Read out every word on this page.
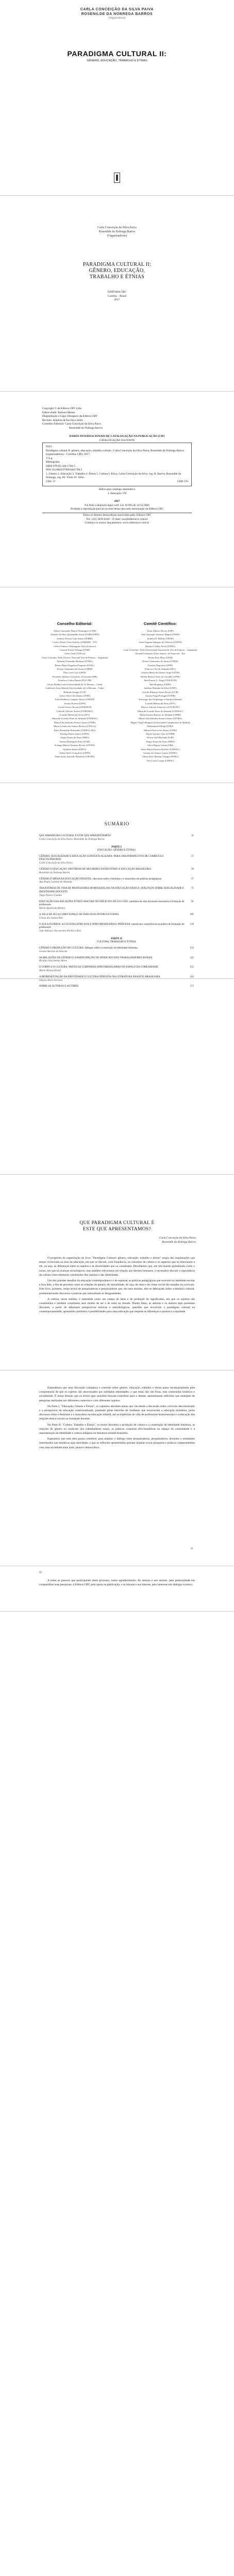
CARLA CONCEIÇÃO DA SILVA PAIVA
ROSENILDE DA NOBREGA BARROS
(Organizadoras)
PARADIGMA CULTURAL II:
GÊNERO, EDUCAÇÃO, TRABALHO E ÉTNIAS
Carla Conceição da Silva Paiva
Rosenilde da Nobrega Barros
(Organizadoras)
PARADIGMA CULTURAL II:
GÊNERO, EDUCAÇÃO,
TRABALHO E ÉTNIAS
EDITORA CRV
Curitiba – Brasil
2017
Copyright © da Editora CRV Ltda.
Editor-chefe: Railson Moura
Diagramação e Capa: Designers da Editora CRV
Revisão: Analista de Escrita e Artes
Conselho Editorial: Carla Conceição da Silva Paiva
Rosenilde da Nobrega Barros
DADOS INTERNACIONAIS DE CATALOGAÇÃO NA PUBLICAÇÃO (CIP)
CATALOGAÇÃO NA FONTE
P222
Paradigma cultural II: gênero, educação, trabalho e étnias / Carla Conceição da Silva Paiva, Rosenilde da Nobrega Barros (organizadoras) – Curitiba: CRV, 2017.
174 p.
Bibliografia
ISBN 978-85-444-1760-5
DOI 10.24824/978854441760.5
1. Gênero 2. Educação 3. Trabalho 4. Étnias 5. Cultura I. Paiva, Carla Conceição da Silva. org. II. Barros, Rosenilde da Nobrega. org. III. Título IV. Série.
CDU 37	CDD 370
Índice para catálogo sistemático
1. Educação 370
2017
Foi feito o depósito legal conf. Lei 10.994 de 14/12/2004
Proibida a reprodução parcial ou total desta obra sem autorização da Editora CRV
Todos os direitos desta edição reservados pela: Editora CRV
Tel.: (41) 3039-6418 – E-mail: sac@editoracrv.com.br
Conheça os nossos lançamentos: www.editoracrv.com.br
Conselho Editorial:
Aldira Guimarães Duarte Domínguez (UNB)
Andréia da Silva Quintanilha Sousa (UNIR/UFRN)
Antônio Pereira Gaio Júnior (UFRRJ)
Carlos Alberto Vilar Estêvão (UMINHO – PT)
Carlos Federico Dominguez Avila (Unieuro)
Carmen Tereza Velanga (UNIR)
Celso Conti (UFSCar)
Cesar Gerónimo Tello (Univer. Nacional Três de Febrero – Argentina)
Eduardo Fernandes Barbosa (UFMG)
Elione Maria Nogueira Diogenes (UFAL)
Elizeu Clementino de Souza (UNEB)
Élsio José Corá (UFFS)
Fernando Antônio Gonçalves Alcoforado (IPB)
Francisco Carlos Duarte (PUC-PR)
Gloria Fariñas León (Universidade de La Havana – Cuba)
Guillermo Arias Beatón (Universidade de La Havana – Cuba)
Helmuth Krüger (UCP)
Jailson Alves dos Santos (UFRJ)
João Adalberto Campato Junior (UNESP)
Josania Portela (UFPI)
Leonel Severo Rocha (UNISINOS)
Lídia de Oliveira Xavier (UNIEURO)
Lourdes Helena da Silva (UFV)
Maria de Lourdes Pinto de Almeida (UNOESC)
Maria Lília Imbiriba Sousa Colares (UNIR)
Maria Cristina dos Santos Bezerra (UFSCar)
Paulo Romualdo Hernandes (UNIFAL-MG)
Rodrigo Pratte-Santos (UFES)
Sérgio Nunes de Jesus (IFRO)
Simone Rodrigues Pinto (UNB)
Solange Helena Ximenes-Rocha (UFOPA)
Sydione Santos (UEPG)
Tadeu Oliver Gonçalves (UFPA)
Tania Suely Azevedo Brasileiro (UFOPA)
Comitê Científico:
Altair Alberto Fávero (UPF)
Ana Chrystina Venancio Mignot (UERJ)
Andréia N. Militão (UEMS)
Anna Augusta Sampaio de Oliveira (UNESP)
Barbara Coelho Neves (UFBA)
Cesar Gerónimo Tello (Universidad Nacional de Três de Febrero – Argentina)
Diosnel Centurion (Univ Americ. de Asunción – Py)
Eliane Rose Maio (UEM)
Elizeu Clementino de Souza (UNEB)
Fauston Negreiros (UFPI)
Francisco Ari de Andrade (UFC)
Gláucia Maria dos Santos Jorge (UFOP)
Helder Buenos Aires de Carvalho (UFPI)
Ilma Passos A. Veiga (UNICEUB)
Inês Bragança (UERJ)
Jadilson Marinho da Silva (UNIT)
José de Ribamar Sousa Pereira (UCB)
Jussara Fraga Portugal (UNEB)
Kilwangy Kya Kapitango-a-Samba (Unemat)
Lourdes Helena da Silva (UFV)
Marcos Vinicius Francisco (UNOESTE)
Maria de Lourdes Pinto de Almeida (UNOESC)
Maria Eurácia Barreto de Andrade (UFRB)
Maria Lília Imbiriba Sousa Colares (UFOPA)
Míguel Ángel Mínguez (Universidad Complutense de Madrid)
Mohammed Elhajji (UFRJ)
Mônica Pereira dos Santos (UFRJ)
Najela Tavares Ujiie (UTFPR)
Nilson José Machado (USP)
Sérgio Nunes de Jesus (IFRO)
Silvia Regina Canan (URI)
Sonia Maria Ferreira Koehler (UNISAL)
Suzana dos Santos Gomes (UFMG)
Vânia Alves Martins Chaigar (FURG)
Vera Lucia Gaspar (UDESC)
SUMÁRIO
QUE PARADIGMA CULTURAL É ESTE QUE APRESENTAMOS?
Carla Conceição da Silva Paiva; Rosenilde da Nobrega Barros
11
PARTE I
EDUCAÇÃO, GÊNERO E ÉTNIAS
GÊNERO, SEXUALIDADE E EDUCAÇÃO CONTEXTUALIZADA: PARA UMA PERSPECTIVA DE CURRÍCULO DESCOLONIZADO
Carla Conceição da Silva Paiva
17
GÊNERO E EDUCAÇÃO: HISTÓRIAS DE MULHERES ESCREVENDO A EDUCAÇÃO BRASILEIRA
Rosenilde da Nobrega Barros
39
GÊNERO E MÍDIA NA EDUCAÇÃO INFANTIL: discursos sobre o feminino e o masculino em práticas pedagógicas
Ana Paula Cardoso de Almeida
57
TRAJETÓRIAS DE VIDA DE PROFESSORES HOMOSSEXUAIS NA EDUCAÇÃO BÁSICA: DIÁLOGOS SOBRE SEXUALIDADE E IDENTIDADE DOCENTE
Tiago Pereira Guedes
75
EDUCAÇÃO DAS RELAÇÕES ÉTNICO-RACIAIS NO INÍCIO DO SÉCULO XXI: caminhos de uma discussão necessária à formação de professores
Maria Aparecida Ribeiro
91
A SALA DE AULA COMO ESPAÇO DE DIÁLOGOS INTERCULTURAIS
Cássia dos Santos Reis
105
O AULA FLORIDA: A CULTURA AFRICANA E AFRO-BRASILEIRA E INDÍGENA: narrativas e experiências na prática de formação de professores
Jane Adriana Vasconcelos Pacheco Rios
119
PARTE II
CULTURA, TRABALHO E ÉTNIAS
GÊNERO E PRODUÇÃO DE CULTURA: diálogos sobre a construção da identidade feminina
Ivonete Barreto de Amorim
133
AS RELAÇÕES DE GÊNERO E A PARTICIPAÇÃO NO SINDICATO DOS TRABALHADORES RURAIS
Ricardo Nascimento Abreu
145
O CORPO E A CULTURA: PRÁTICAS CORPORAIS AFRO-BRASILEIRAS NO ESPAÇO DA COMUNIDADE
Maria Helena Brasil
155
A REPRESENTAÇÃO DA IDENTIDADE E CULTURA INDÍGENA NA LITERATURA INFANTIL BRASILEIRA
Simone Alves Ferreira
163
SOBRE AS AUTORAS E AUTORES	173
QUE PARADIGMA CULTURAL É
ESTE QUE APRESENTAMOS?
Carla Conceição da Silva Paiva
Rosenilde da Nobrega Barros

O propósito da organização do livro "Paradigma Cultural: gênero, educação, trabalho e étnias" surgiu das inquietações que temos vivenciado na área da educação, em que se discute, com frequência, os conceitos de cultura e os aspectos que se relacionam a ele, ou seja, às diferenças entre os sujeitos e às diversidades que os constituem. Percebemos que, em um mundo globalizado como o nosso, em que há avanços tecnológicos, mas também retrocessos em relação aos direitos humanos, é necessário discutir a importância da cultura como elemento constituidor dos sujeitos e das identidades.

Um dos grandes desafios da educação contemporânea é o de repensar as práticas pedagógicas que ocorrem no ambiente escolar e fora dele, a fim de perceber como as relações de gênero, de sexualidade, de raça, de etnia e de classe social são tratadas no currículo. Este livro, portanto, reúne textos de pesquisadoras e pesquisadores que, em seus estudos, têm se debruçado sobre a temática cultural, problematizando discursos e práticas que naturalizam as desigualdades.

A cultura, nesse sentido, é entendida como um campo de lutas e de produção de significados, em que os sujeitos são constituídos e também constituem seus modos de ser e de estar no mundo. Diante disso, as autoras e os autores aqui presentes discutem, a partir de diferentes perspectivas teóricas e metodológicas, questões que envolvem o paradigma cultural na contemporaneidade, apontando caminhos e possibilidades para uma educação que respeite as diferenças e promova a equidade.

Entendemos que uma discussão cuidadosa e coerente sobre gênero, educação, trabalho e étnias passa necessariamente pela compreensão de que os sujeitos são atravessados por múltiplas identidades, e que estas não são fixas, mas construídas histórica e socialmente. É nessa direção que os textos aqui reunidos buscam contribuir para o debate, apresentando reflexões que emergem de pesquisas realizadas em diferentes contextos e com diferentes sujeitos.

Na Parte I, "Educação, Gênero e Étnias", os capítulos abordam temas que vão desde a discussão sobre currículo descolonizado e a perspectiva da educação contextualizada, passando pelas histórias de mulheres que escreveram a educação brasileira, pelos discursos sobre o feminino e o masculino na educação infantil, até as trajetórias de vida de professores homossexuais e a educação das relações étnico-raciais na formação docente.

Na Parte II, "Cultura, Trabalho e Étnias", os textos discutem a produção de cultura e a construção da identidade feminina, as relações de gênero no sindicato dos trabalhadores rurais, as práticas corporais afro-brasileiras no espaço da comunidade e a representação da identidade e cultura indígena na literatura infantil brasileira.

Esperamos que esta obra possa contribuir para ampliar o diálogo entre pesquisadoras, pesquisadores, docentes e estudantes interessados nas temáticas aqui abordadas, e que as reflexões apresentadas possam inspirar novas pesquisas e práticas comprometidas com uma sociedade mais justa, plural e democrática.

11
12

A todas as pessoas que participaram deste processo, nosso agradecimento. Às autoras e aos autores, pela generosidade em compartilhar suas pesquisas; à Editora CRV, pelo apoio na publicação; e às leitoras e aos leitores, pelo interesse em dialogar conosco.
